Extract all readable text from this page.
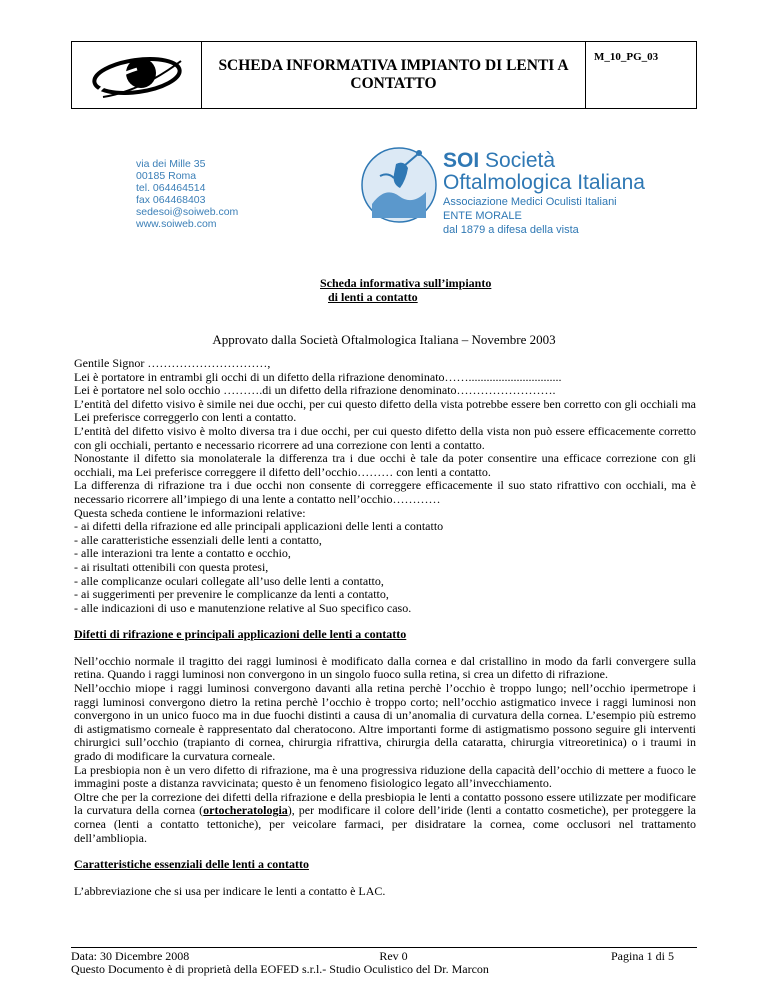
SCHEDA INFORMATIVA IMPIANTO DI LENTI A CONTATTO
M_10_PG_03
via dei Mille 35
00185 Roma
tel. 064464514
fax 064468403
sedesoi@soiweb.com
www.soiweb.com
SOI Società
Oftalmologica Italiana
Associazione Medici Oculisti Italiani
ENTE MORALE
dal 1879 a difesa della vista
Scheda informativa sull’impianto
di lenti a contatto
Approvato dalla Società Oftalmologica Italiana – Novembre 2003

Gentile Signor …………………………,

Lei è portatore in entrambi gli occhi di un difetto della rifrazione denominato……...............................

Lei è portatore nel solo occhio ……….di un difetto della rifrazione denominato…………………….

L’entità del difetto visivo è simile nei due occhi, per cui questo difetto della vista potrebbe essere ben corretto con gli occhiali ma Lei preferisce correggerlo con lenti a contatto.

L’entità del difetto visivo è molto diversa tra i due occhi, per cui questo difetto della vista non può essere efficacemente corretto con gli occhiali, pertanto e necessario ricorrere ad una correzione con lenti a contatto.

Nonostante il difetto sia monolaterale la differenza tra i due occhi è tale da poter consentire una efficace correzione con gli occhiali, ma Lei preferisce correggere il difetto dell’occhio……… con lenti a contatto.

La differenza di rifrazione tra i due occhi non consente di correggere efficacemente il suo stato rifrattivo con occhiali, ma è necessario ricorrere all’impiego di una lente a contatto nell’occhio…………

Questa scheda contiene le informazioni relative:

- ai difetti della rifrazione ed alle principali applicazioni delle lenti a contatto

- alle caratteristiche essenziali delle lenti a contatto,

- alle interazioni tra lente a contatto e occhio,

- ai risultati ottenibili con questa protesi,

- alle complicanze oculari collegate all’uso delle lenti a contatto,

- ai suggerimenti per prevenire le complicanze da lenti a contatto,

- alle indicazioni di uso e manutenzione relative al Suo specifico caso.

Difetti di rifrazione e principali applicazioni delle lenti a contatto

Nell’occhio normale il tragitto dei raggi luminosi è modificato dalla cornea e dal cristallino in modo da farli convergere sulla retina. Quando i raggi luminosi non convergono in un singolo fuoco sulla retina, si crea un difetto di rifrazione.

Nell’occhio miope i raggi luminosi convergono davanti alla retina perchè l’occhio è troppo lungo; nell’occhio ipermetrope i raggi luminosi convergono dietro la retina perchè l’occhio è troppo corto; nell’occhio astigmatico invece i raggi luminosi non convergono in un unico fuoco ma in due fuochi distinti a causa di un’anomalia di curvatura della cornea. L’esempio più estremo di astigmatismo corneale è rappresentato dal cheratocono. Altre importanti forme di astigmatismo possono seguire gli interventi chirurgici sull’occhio (trapianto di cornea, chirurgia rifrattiva, chirurgia della cataratta, chirurgia vitreoretinica) o i traumi in grado di modificare la curvatura corneale.

La presbiopia non è un vero difetto di rifrazione, ma è una progressiva riduzione della capacità dell’occhio di mettere a fuoco le immagini poste a distanza ravvicinata; questo è un fenomeno fisiologico legato all’invecchiamento.

Oltre che per la correzione dei difetti della rifrazione e della presbiopia le lenti a contatto possono essere utilizzate per modificare la curvatura della cornea (ortocheratologia), per modificare il colore dell’iride (lenti a contatto cosmetiche), per proteggere la cornea (lenti a contatto tettoniche), per veicolare farmaci, per disidratare la cornea, come occlusori nel trattamento dell’ambliopia.

Caratteristiche essenziali delle lenti a contatto

L’abbreviazione che si usa per indicare le lenti a contatto è LAC.

Data: 30 Dicembre 2008	Rev 0	Pagina 1 di 5
Questo Documento è di proprietà della EOFED s.r.l.- Studio Oculistico del Dr. Marcon
